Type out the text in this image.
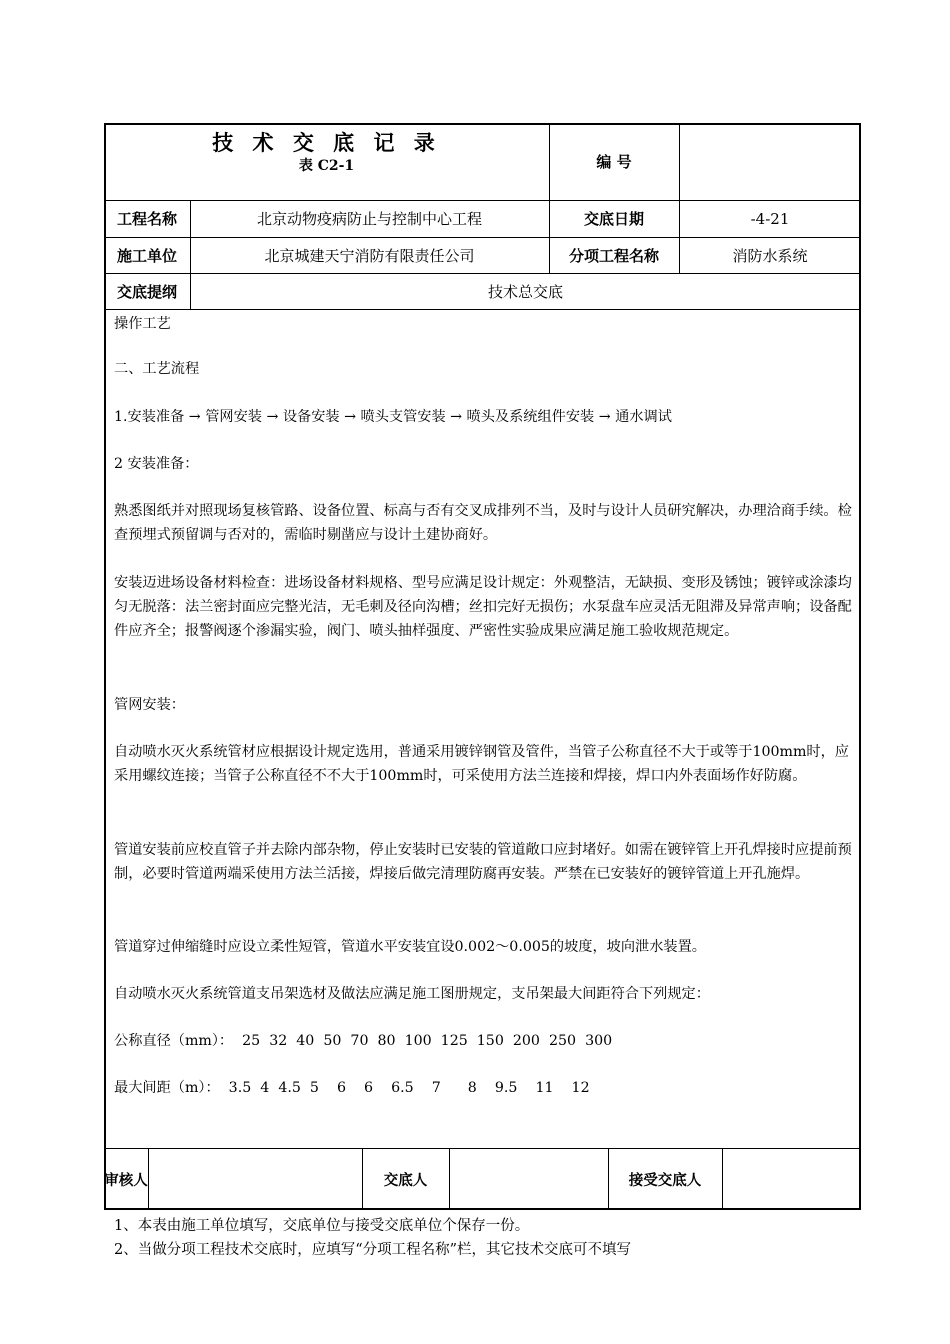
技 术 交 底 记 录
表 C2-1	编 号
工程名称	北京动物疫病防止与控制中心工程	交底日期	-4-21
施工单位	北京城建天宁消防有限责任公司	分项工程名称	消防水系统
交底提纲	技术总交底
操作工艺
二、工艺流程
1.安装准备 → 管网安装 → 设备安装 → 喷头支管安装 → 喷头及系统组件安装 → 通水调试
2 安装准备：
熟悉图纸并对照现场复核管路、设备位置、标高与否有交叉成排列不当，及时与设计人员研究解决，办理洽商手续。检查预埋式预留调与否对的，需临时剔凿应与设计土建协商好。
安装迈进场设备材料检查：进场设备材料规格、型号应满足设计规定：外观整洁，无缺损、变形及锈蚀；镀锌或涂漆均匀无脱落：法兰密封面应完整光洁，无毛刺及径向沟槽；丝扣完好无损伤；水泵盘车应灵活无阻滞及异常声响；设备配件应齐全；报警阀逐个渗漏实验，阀门、喷头抽样强度、严密性实验成果应满足施工验收规范规定。
管网安装：
自动喷水灭火系统管材应根据设计规定选用，普通采用镀锌钢管及管件，当管子公称直径不大于或等于100mm时，应采用螺纹连接；当管子公称直径不不大于100mm时，可采使用方法兰连接和焊接，焊口内外表面场作好防腐。
管道安装前应校直管子并去除内部杂物，停止安装时已安装的管道敞口应封堵好。如需在镀锌管上开孔焊接时应提前预制，必要时管道两端采使用方法兰活接，焊接后做完清理防腐再安装。严禁在已安装好的镀锌管道上开孔施焊。
管道穿过伸缩缝时应设立柔性短管，管道水平安装宜设0.002～0.005的坡度，坡向泄水装置。
自动喷水灭火系统管道支吊架选材及做法应满足施工图册规定，支吊架最大间距符合下列规定：
公称直径（mm）：  25  32  40  50  70  80  100  125  150  200  250  300
最大间距（m）：  3.5  4  4.5  5    6    6    6.5    7      8    9.5    11    12
审核人	交底人	接受交底人
1、本表由施工单位填写，交底单位与接受交底单位个保存一份。
2、当做分项工程技术交底时，应填写“分项工程名称”栏，其它技术交底可不填写
